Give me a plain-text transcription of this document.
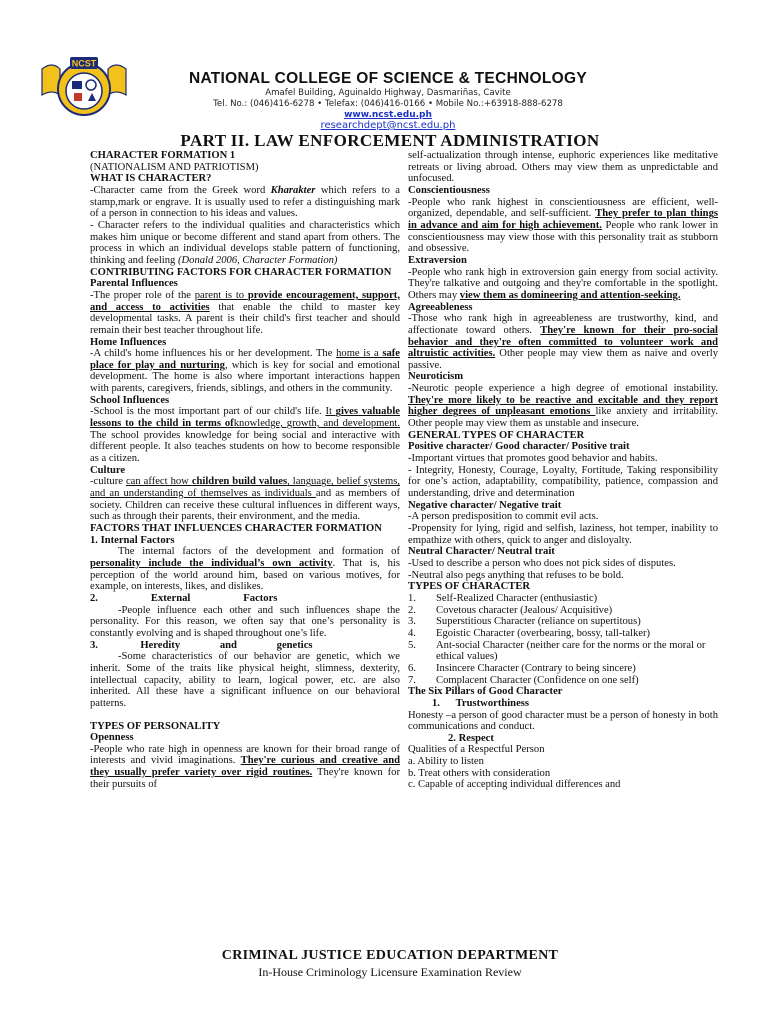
NCST
NATIONAL COLLEGE OF SCIENCE & TECHNOLOGY
Amafel Building, Aguinaldo Highway, Dasmariñas, Cavite
Tel. No.: (046)416-6278 • Telefax: (046)416-0166 • Mobile No.:+63918-888-6278
www.ncst.edu.ph
researchdept@ncst.edu.ph
PART II. LAW ENFORCEMENT ADMINISTRATION
CHARACTER FORMATION 1
(NATIONALISM AND PATRIOTISM)
WHAT IS CHARACTER?

-Character came from the Greek word Kharakter which refers to a stamp,mark or engrave. It is usually used to refer a distinguishing mark of a person in connection to his ideas and values.

- Character refers to the individual qualities and characteristics which makes him unique or become different and stand apart from others. The process in which an individual develops stable pattern of functioning, thinking and feeling (Donald 2006, Character Formation)

CONTRIBUTING FACTORS FOR CHARACTER FORMATION
Parental Influences

-The proper role of the parent is to provide encouragement, support, and access to activities that enable the child to master key developmental tasks. A parent is their child's first teacher and should remain their best teacher throughout life.

Home Influences

-A child's home influences his or her development. The home is a safe place for play and nurturing, which is key for social and emotional development. The home is also where important interactions happen with parents, caregivers, friends, siblings, and others in the community.

School Influences

-School is the most important part of our child's life. It gives valuable lessons to the child in terms ofknowledge, growth, and development. The school provides knowledge for being social and interactive with different people. It also teaches students on how to become responsible as a citizen.

Culture

-culture can affect how children build values, language, belief systems, and an understanding of themselves as individuals and as members of society. Children can receive these cultural influences in different ways, such as through their parents, their environment, and the media.

FACTORS THAT INFLUENCES CHARACTER FORMATION
1. Internal Factors

The internal factors of the development and formation of personality include the individual’s own activity. That is, his perception of the world around him, based on various motives, for example, on interests, likes, and dislikes.

2.                    External                    Factors

-People influence each other and such influences shape the personality. For this reason, we often say that one’s personality is constantly evolving and is shaped throughout one’s life.

3.                Heredity               and               genetics

-Some characteristics of our behavior are genetic, which we inherit. Some of the traits like physical height, slimness, dexterity, intellectual capacity, ability to learn, logical power, etc. are also inherited. All these have a significant influence on our behavioral patterns.

TYPES OF PERSONALITY
Openness

-People who rate high in openness are known for their broad range of interests and vivid imaginations. They're curious and creative and they usually prefer variety over rigid routines. They're known for their pursuits of

self-actualization through intense, euphoric experiences like meditative retreats or living abroad. Others may view them as unpredictable and unfocused.

Conscientiousness

-People who rank highest in conscientiousness are efficient, well-organized, dependable, and self-sufficient. They prefer to plan things in advance and aim for high achievement. People who rank lower in conscientiousness may view those with this personality trait as stubborn and obsessive.

Extraversion

-People who rank high in extroversion gain energy from social activity. They're talkative and outgoing and they're comfortable in the spotlight. Others may view them as domineering and attention-seeking.

Agreeableness

-Those who rank high in agreeableness are trustworthy, kind, and affectionate toward others. They're known for their pro-social behavior and they're often committed to volunteer work and altruistic activities. Other people may view them as naive and overly passive.

Neuroticism

-Neurotic people experience a high degree of emotional instability. They're more likely to be reactive and excitable and they report higher degrees of unpleasant emotions like anxiety and irritability. Other people may view them as unstable and insecure.

GENERAL TYPES OF CHARACTER
Positive character/ Good character/ Positive trait

-Important virtues that promotes good behavior and habits.

- Integrity, Honesty, Courage, Loyalty, Fortitude, Taking responsibility for one’s action, adaptability, compatibility, patience, compassion and understanding, drive and determination

Negative character/ Negative trait

-A person predisposition to commit evil acts.

-Propensity for lying, rigid and selfish, laziness, hot temper, inability to empathize with others, quick to anger and disloyalty.

Neutral Character/ Neutral trait

-Used to describe a person who does not pick sides of disputes.

-Neutral also pegs anything that refuses to be bold.

TYPES OF CHARACTER
1. Self-Realized Character (enthusiastic)
2. Covetous character (Jealous/ Acquisitive)
3. Superstitious Character (reliance on supertitous)
4. Egoistic Character (overbearing, bossy, tall-talker)
5. Ant-social Character (neither care for the norms or the moral or ethical values)
6. Insincere Character (Contrary to being sincere)
7. Complacent Character (Confidence on one self)
The Six Pillars of Good Character
1.      Trustworthiness

Honesty –a person of good character must be a person of honesty in both communications and conduct.

2. Respect

Qualities of a Respectful Person

a. Ability to listen

b. Treat others with consideration

c. Capable of accepting individual differences and

CRIMINAL JUSTICE EDUCATION DEPARTMENT
In-House Criminology Licensure Examination Review
